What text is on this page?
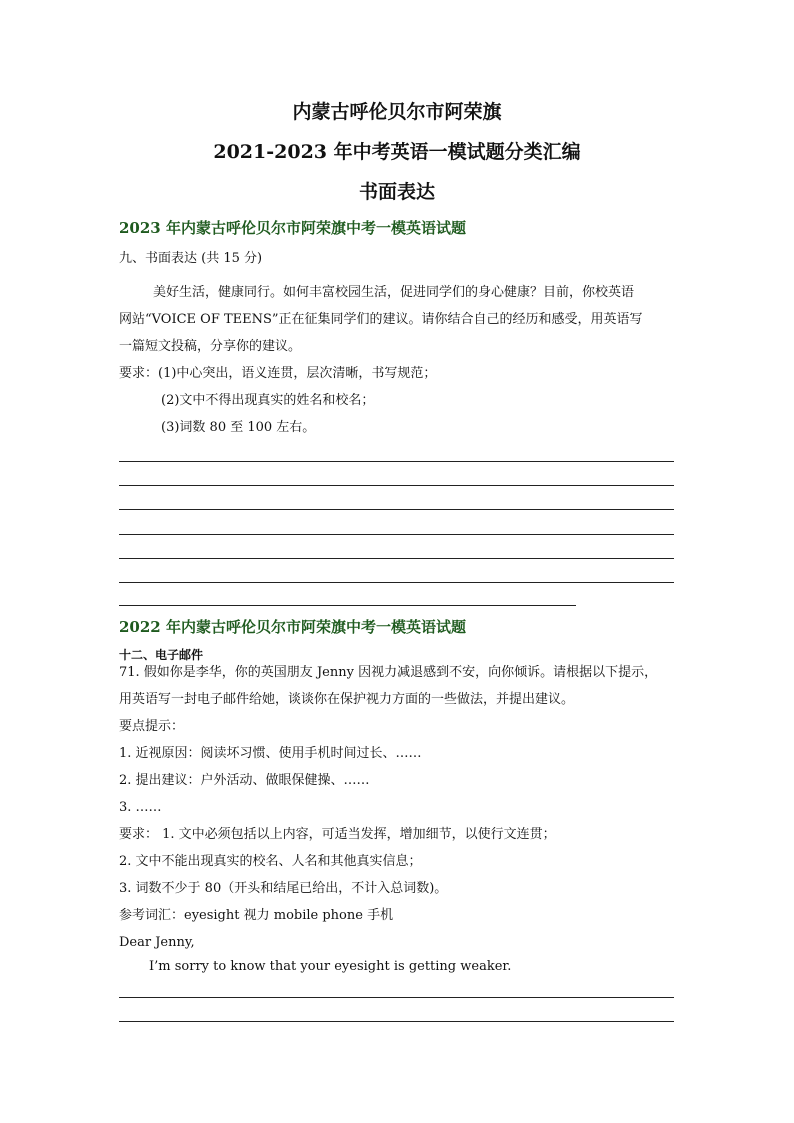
内蒙古呼伦贝尔市阿荣旗
2021-2023 年中考英语一模试题分类汇编
书面表达
2023 年内蒙古呼伦贝尔市阿荣旗中考一模英语试题
九、书面表达 (共 15 分)
美好生活，健康同行。如何丰富校园生活，促进同学们的身心健康？目前，你校英语
网站“VOICE OF TEENS”正在征集同学们的建议。请你结合自己的经历和感受，用英语写
一篇短文投稿，分享你的建议。
要求：(1)中心突出，语义连贯，层次清晰，书写规范；
(2)文中不得出现真实的姓名和校名；
(3)词数 80 至 100 左右。
2022 年内蒙古呼伦贝尔市阿荣旗中考一模英语试题
十二、电子邮件
71. 假如你是李华，你的英国朋友 Jenny 因视力减退感到不安，向你倾诉。请根据以下提示，
用英语写一封电子邮件给她，谈谈你在保护视力方面的一些做法，并提出建议。
要点提示：
1. 近视原因：阅读坏习惯、使用手机时间过长、……
2. 提出建议：户外活动、做眼保健操、……
3. ……
要求： 1. 文中必须包括以上内容，可适当发挥，增加细节，以使行文连贯；
2. 文中不能出现真实的校名、人名和其他真实信息；
3. 词数不少于 80（开头和结尾已给出，不计入总词数)。
参考词汇：eyesight 视力 mobile phone 手机
Dear Jenny,
I’m sorry to know that your eyesight is getting weaker.
